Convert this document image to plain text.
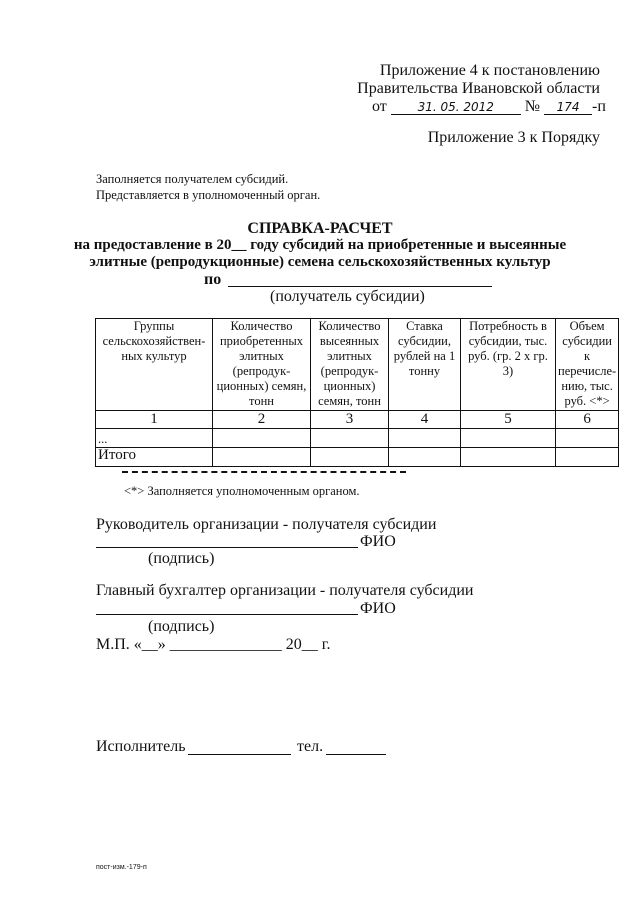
Приложение 4 к постановлению
Правительства Ивановской области
от	31. 05. 2012 № 174 -п
Приложение 3 к Порядку
Заполняется получателем субсидий.
Представляется в уполномоченный орган.
СПРАВКА-РАСЧЕТ
на предоставление в 20__ году субсидий на приобретенные и высеянные
элитные (репродукционные) семена сельскохозяйственных культур
по
(получатель субсидии)
Группы сельскохозяйствен-ных культур	Количество приобретенных элитных (репродук-ционных) семян, тонн	Количество высеянных элитных (репродук-ционных) семян, тонн	Ставка субсидии, рублей на 1 тонну	Потребность в субсидии, тыс. руб. (гр. 2 х гр. 3)	Объем субсидии к перечисле-нию, тыс. руб. <*>
1	2	3	4	5	6
...					
Итого					
<*> Заполняется уполномоченным органом.
Руководитель организации - получателя субсидии
ФИО
(подпись)
Главный бухгалтер организации - получателя субсидии
ФИО
(подпись)
М.П. «__» ______________ 20__ г.
Исполнитель	тел.
пост-изм.-179-п
